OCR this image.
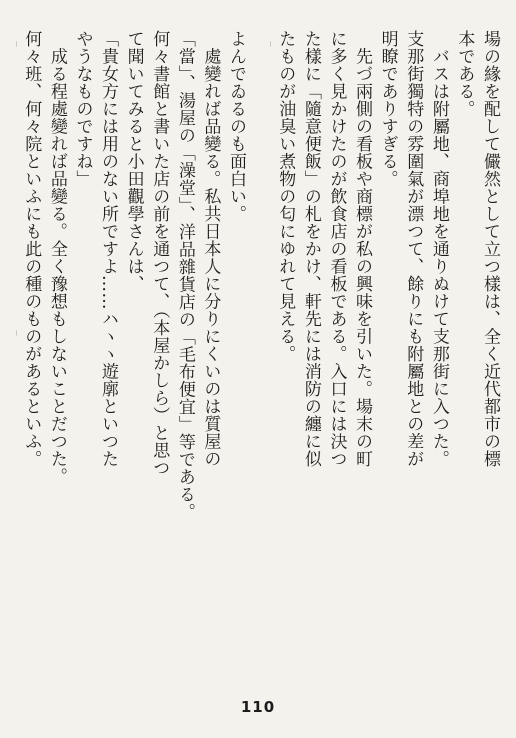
場の緣を配して儼然として立つ樣は、全く近代都市の標

本である。

　バスは附屬地、商埠地を通りぬけて支那街に入つた。

支那街獨特の雰圍氣が漂つて、餘りにも附屬地との差が

明瞭でありすぎる。

　先づ兩側の看板や商標が私の興味を引いた。場末の町

に多く見かけたのが飲食店の看板である。入口には決つ

た樣に「隨意便飯」の札をかけ、軒先には消防の纏に似

たものが油臭い煮物の匂にゆれて見える。

よんでゐるのも面白い。

　處變れば品變る。私共日本人に分りにくいのは質屋の

「當」、湯屋の「澡堂」、洋品雜貨店の「毛布便宜」等である。

何々書館と書いた店の前を通つて、（本屋かしら）と思つ

て聞いてみると小田觀學さんは、

「貴女方には用のない所ですよ……ハヽヽ遊廓といつた

やうなものですね」

　成る程處變れば品變る。全く豫想もしないことだつた。

何々班、何々院といふにも此の種のものがあるといふ。

110
